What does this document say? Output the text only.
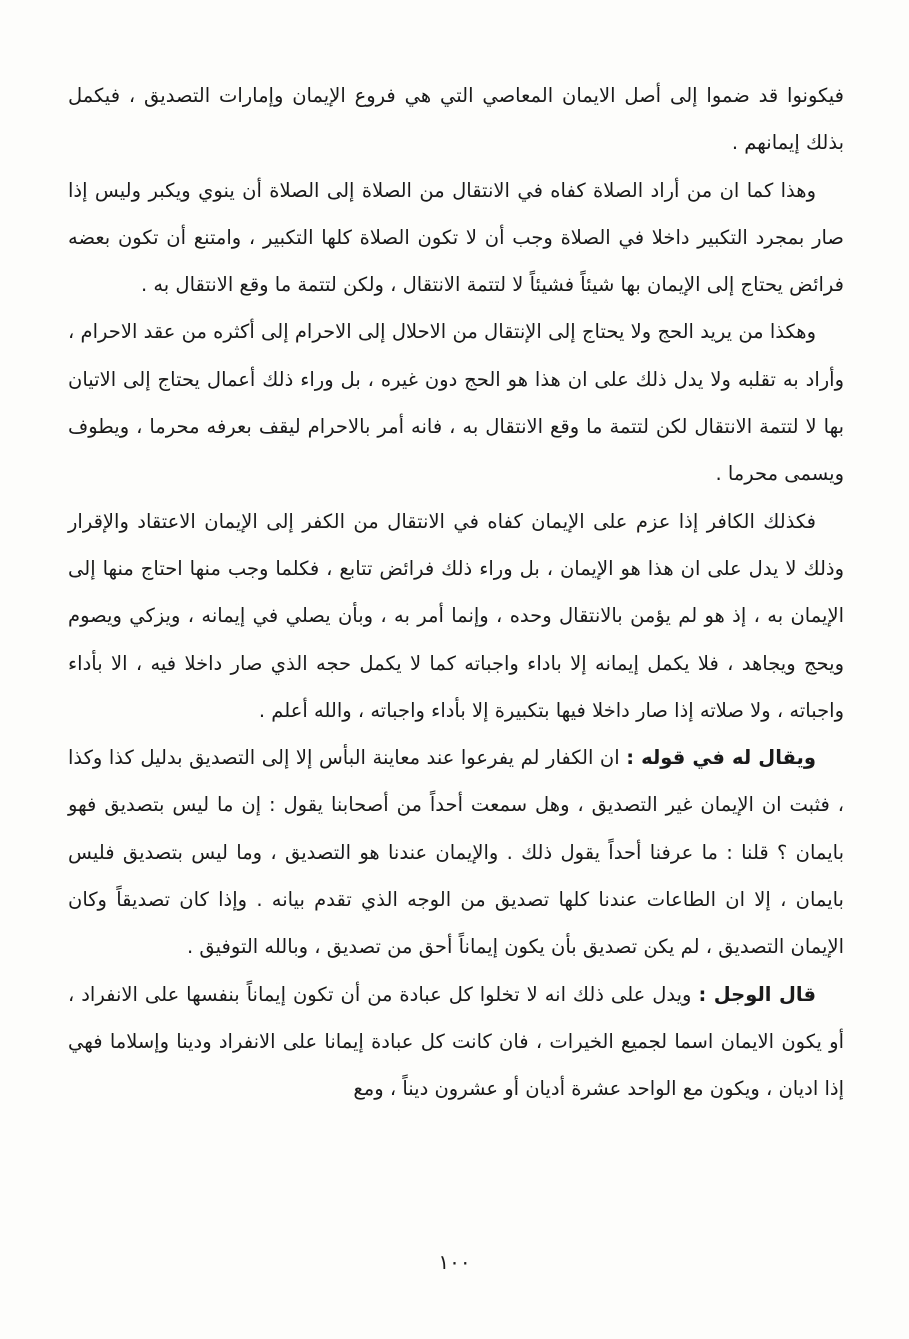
فيكونوا قد ضموا إلى أصل الايمان المعاصي التي هي فروع الإيمان وإمارات التصديق ، فيكمل بذلك إيمانهم .

وهذا كما ان من أراد الصلاة كفاه في الانتقال من الصلاة إلى الصلاة أن ينوي ويكبر وليس إذا صار بمجرد التكبير داخلا في الصلاة وجب أن لا تكون الصلاة كلها التكبير ، وامتنع أن تكون بعضه فرائض يحتاج إلى الإيمان بها شيئاً فشيئاً لا لتتمة الانتقال ، ولكن لتتمة ما وقع الانتقال به .

وهكذا من يريد الحج ولا يحتاج إلى الإنتقال من الاحلال إلى الاحرام إلى أكثره من عقد الاحرام ، وأراد به تقلبه ولا يدل ذلك على ان هذا هو الحج دون غيره ، بل وراء ذلك أعمال يحتاج إلى الاتيان بها لا لتتمة الانتقال لكن لتتمة ما وقع الانتقال به ، فانه أمر بالاحرام ليقف بعرفه محرما ، ويطوف ويسمى محرما .

فكذلك الكافر إذا عزم على الإيمان كفاه في الانتقال من الكفر إلى الإيمان الاعتقاد والإقرار وذلك لا يدل على ان هذا هو الإيمان ، بل وراء ذلك فرائض تتابع ، فكلما وجب منها احتاج منها إلى الإيمان به ، إذ هو لم يؤمن بالانتقال وحده ، وإنما أمر به ، وبأن يصلي في إيمانه ، ويزكي ويصوم ويحج ويجاهد ، فلا يكمل إيمانه إلا باداء واجباته كما لا يكمل حجه الذي صار داخلا فيه ، الا بأداء واجباته ، ولا صلاته إذا صار داخلا فيها بتكبيرة إلا بأداء واجباته ، والله أعلم .

ويقال له في قوله : ان الكفار لم يفرعوا عند معاينة البأس إلا إلى التصديق بدليل كذا وكذا ، فثبت ان الإيمان غير التصديق ، وهل سمعت أحداً من أصحابنا يقول : إن ما ليس بتصديق فهو بايمان ؟ قلنا : ما عرفنا أحداً يقول ذلك . والإيمان عندنا هو التصديق ، وما ليس بتصديق فليس بايمان ، إلا ان الطاعات عندنا كلها تصديق من الوجه الذي تقدم بيانه . وإذا كان تصديقاً وكان الإيمان التصديق ، لم يكن تصديق بأن يكون إيماناً أحق من تصديق ، وبالله التوفيق .

قال الوجل : ويدل على ذلك انه لا تخلوا كل عبادة من أن تكون إيماناً بنفسها على الانفراد ، أو يكون الايمان اسما لجميع الخيرات ، فان كانت كل عبادة إيمانا على الانفراد ودينا وإسلاما فهي إذا اديان ، ويكون مع الواحد عشرة أديان أو عشرون ديناً ، ومع

١٠٠
